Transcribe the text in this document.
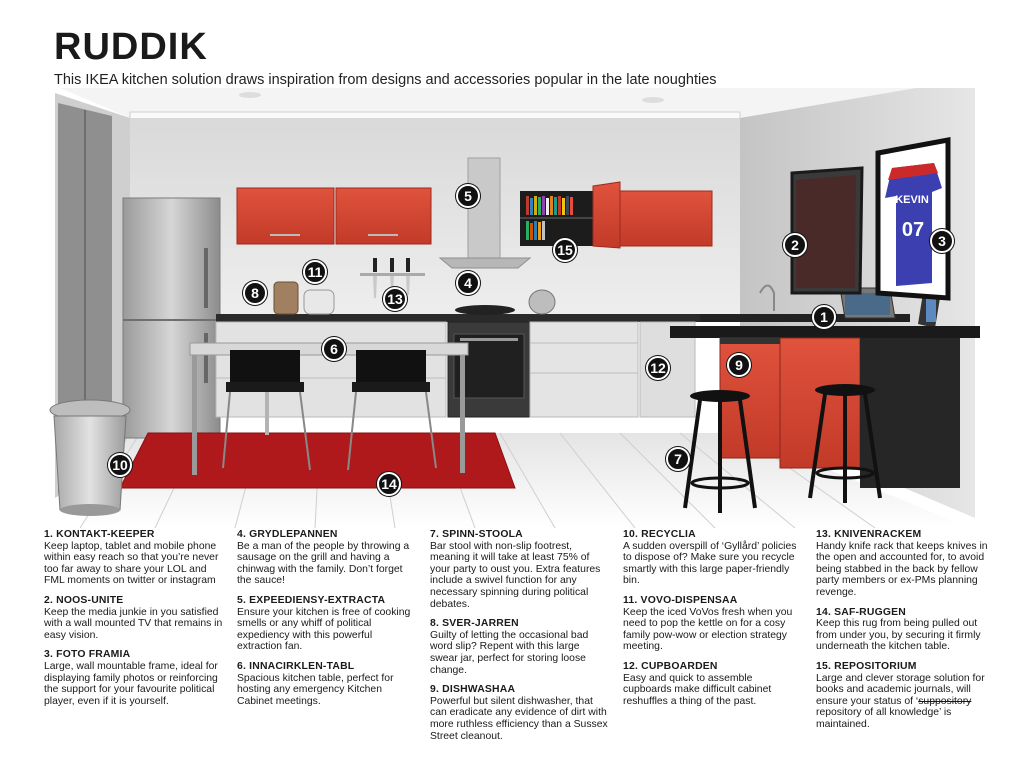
RUDDIK
This IKEA kitchen solution draws inspiration from designs and accessories popular in the late noughties
KEVIN
07
1
2	3
4
5
6
7
8
9
10
11
12
13
14
15
1. KONTAKT-KEEPER
Keep laptop, tablet and mobile phone within easy reach so that you’re never too far away to share your LOL and FML moments on twitter or instagram
2. NOOS-UNITE
Keep the media junkie in you satisfied with a wall mounted TV that remains in easy vision.
3. FOTO FRAMIA
Large, wall mountable frame, ideal for displaying family photos or reinforcing the support for your favourite political player, even if it is yourself.
4. GRYDLEPANNEN
Be a man of the people by throwing a sausage on the grill and having a chinwag with the family. Don’t forget the sauce!
5. EXPEEDIENSY-EXTRACTA
Ensure your kitchen is free of cooking smells or any whiff of political expediency with this powerful extraction fan.
6. INNACIRKLEN-TABL
Spacious kitchen table, perfect for hosting any emergency Kitchen Cabinet meetings.
7. SPINN-STOOLA
Bar stool with non-slip footrest, meaning it will take at least 75% of your party to oust you. Extra features include a swivel function for any necessary spinning during political debates.
8. SVER-JARREN
Guilty of letting the occasional bad word slip? Repent with this large swear jar, perfect for storing loose change.
9. DISHWASHAA
Powerful but silent dishwasher, that can eradicate any evidence of dirt with more ruthless efficiency than a Sussex Street cleanout.
10. RECYCLIA
A sudden overspill of ‘Gyllård’ policies to dispose of? Make sure you recycle smartly with this large paper-friendly bin.
11. VOVO-DISPENSAA
Keep the iced VoVos fresh when you need to pop the kettle on for a cosy family pow-wow or election strategy meeting.
12. CUPBOARDEN
Easy and quick to assemble cupboards make difficult cabinet reshuffles a thing of the past.
13. KNIVENRACKEM
Handy knife rack that keeps knives in the open and accounted for, to avoid being stabbed in the back by fellow party members or ex-PMs planning revenge.
14. SAF-RUGGEN
Keep this rug from being pulled out from under you, by securing it firmly underneath the kitchen table.
15. REPOSITORIUM
Large and clever storage solution for books and academic journals, will ensure your status of ‘suppository repository of all knowledge’ is maintained.
